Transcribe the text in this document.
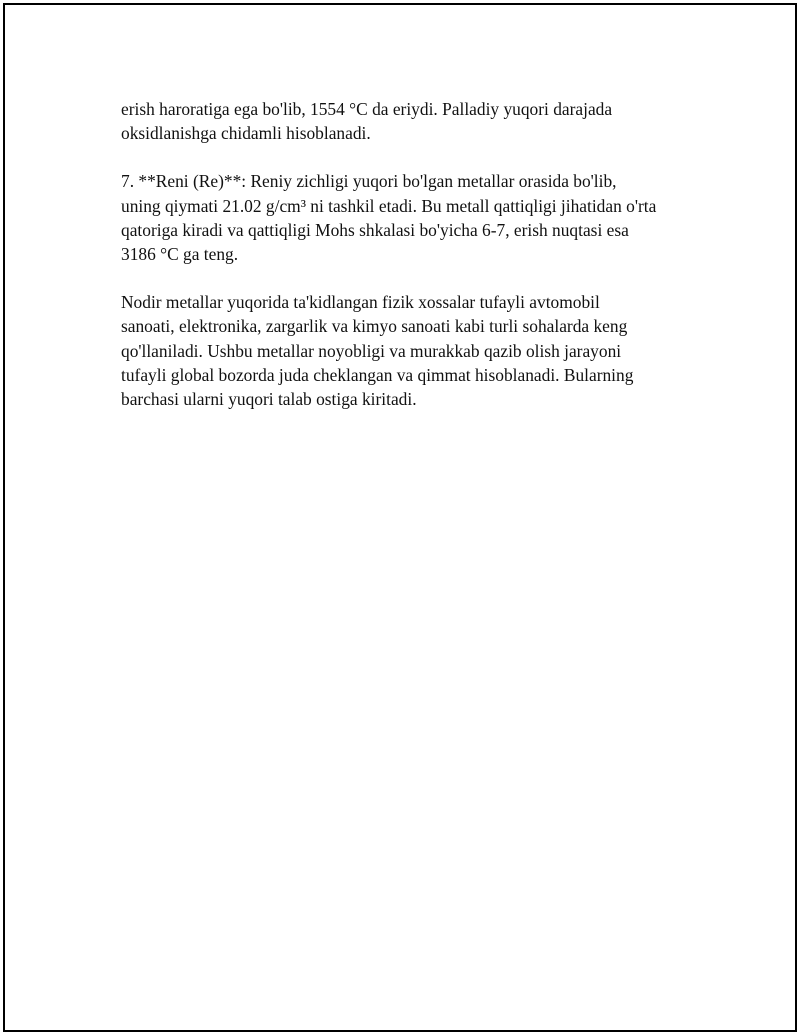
erish haroratiga ega bo'lib, 1554 °C da eriydi. Palladiy yuqori darajada
oksidlanishga chidamli hisoblanadi.

7. **Reni (Re)**: Reniy zichligi yuqori bo'lgan metallar orasida bo'lib,
uning qiymati 21.02 g/cm³ ni tashkil etadi. Bu metall qattiqligi jihatidan o'rta
qatoriga kiradi va qattiqligi Mohs shkalasi bo'yicha 6-7, erish nuqtasi esa
3186 °C ga teng.

Nodir metallar yuqorida ta'kidlangan fizik xossalar tufayli avtomobil
sanoati, elektronika, zargarlik va kimyo sanoati kabi turli sohalarda keng
qo'llaniladi. Ushbu metallar noyobligi va murakkab qazib olish jarayoni
tufayli global bozorda juda cheklangan va qimmat hisoblanadi. Bularning
barchasi ularni yuqori talab ostiga kiritadi.
